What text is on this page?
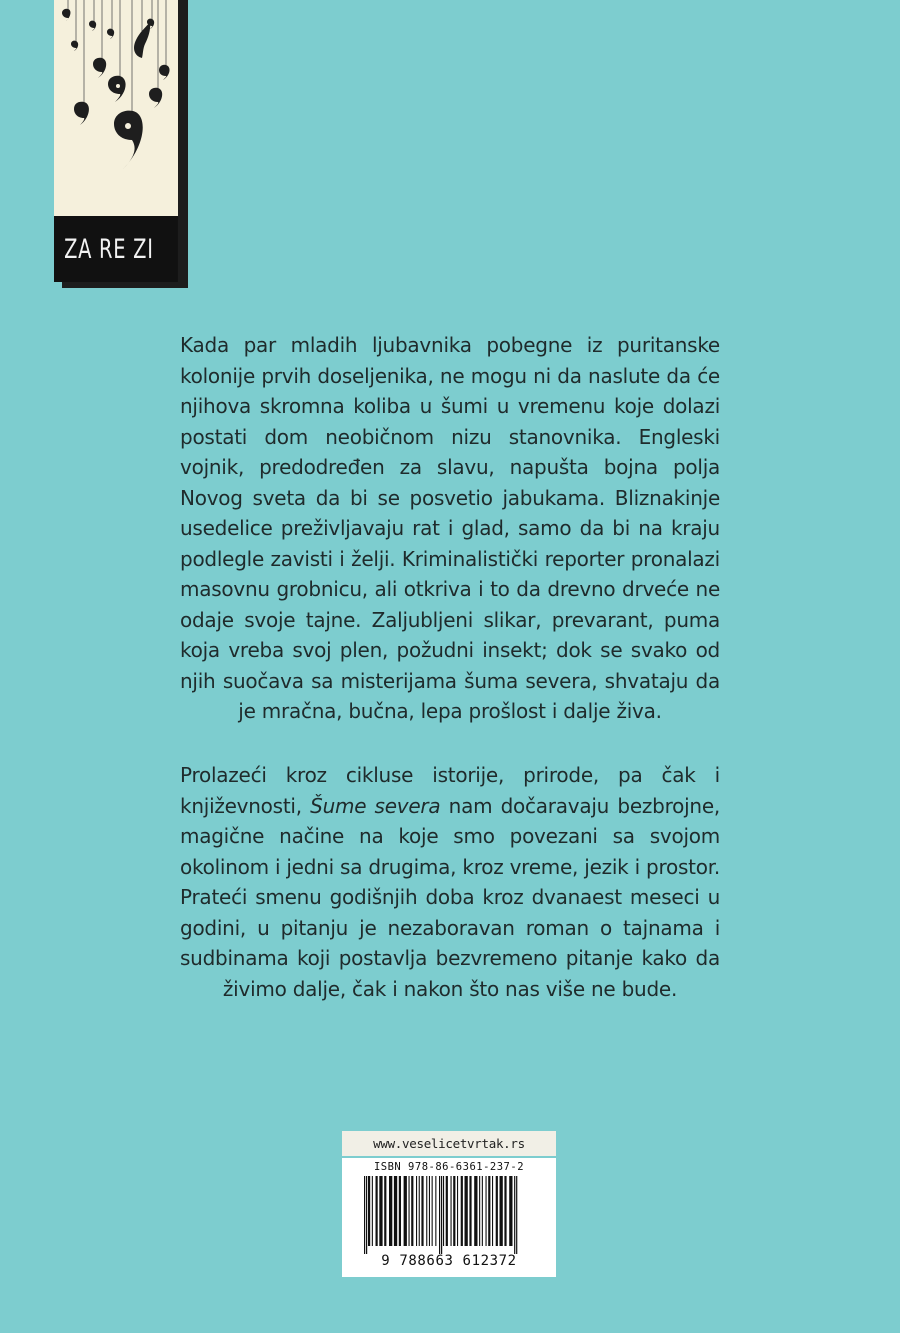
ZA RE ZI

Kada par mladih ljubavnika pobegne iz puritanske kolonije prvih doseljenika, ne mogu ni da naslute da će njihova skromna koliba u šumi u vremenu koje dolazi postati dom neobičnom nizu stanovnika. Engleski vojnik, predodređen za slavu, napušta bojna polja Novog sveta da bi se posvetio jabukama. Bliznakinje usedelice preživljavaju rat i glad, samo da bi na kraju podlegle zavisti i želji. Kriminalistički reporter pronalazi masovnu grobnicu, ali otkriva i to da drevno drveće ne odaje svoje tajne. Zaljubljeni slikar, prevarant, puma koja vreba svoj plen, požudni insekt; dok se svako od njih suočava sa misterijama šuma severa, shvataju da je mračna, bučna, lepa prošlost i dalje živa.

Prolazeći kroz cikluse istorije, prirode, pa čak i književnosti, Šume severa nam dočaravaju bezbrojne, magične načine na koje smo povezani sa svojom okolinom i jedni sa drugima, kroz vreme, jezik i prostor. Prateći smenu godišnjih doba kroz dvanaest meseci u godini, u pitanju je nezaboravan roman o tajnama i sudbinama koji postavlja bezvremeno pitanje kako da živimo dalje, čak i nakon što nas više ne bude.

www.veselicetvrtak.rs
ISBN 978-86-6361-237-2
9 788663 612372
